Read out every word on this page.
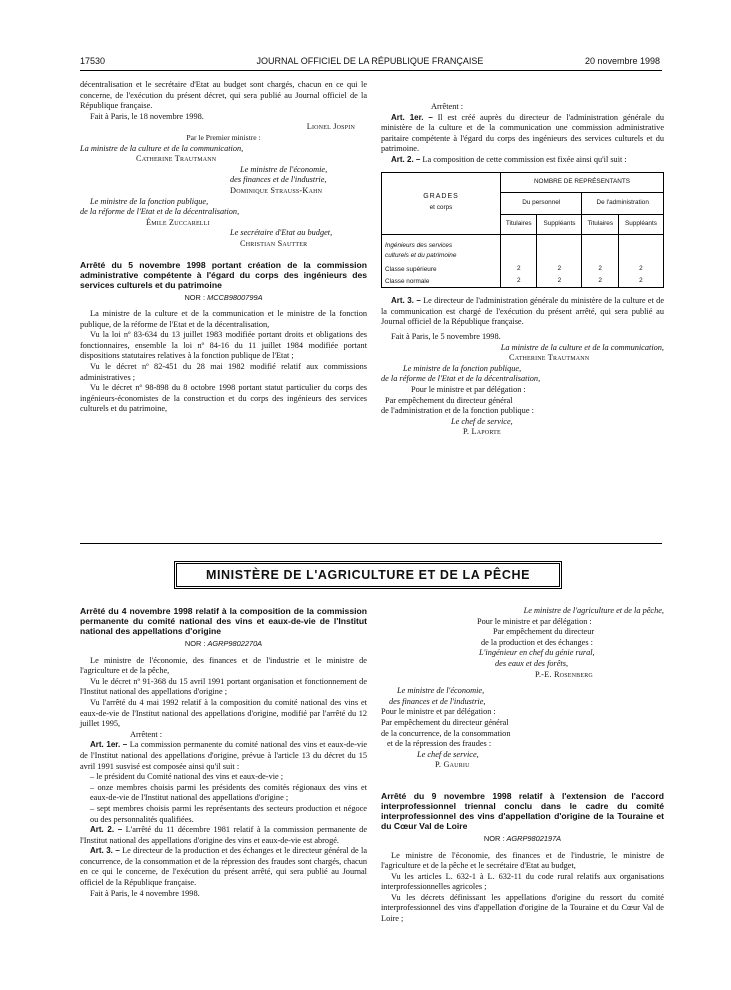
17530	JOURNAL OFFICIEL DE LA RÉPUBLIQUE FRANÇAISE	20 novembre 1998

décentralisation et le secrétaire d'Etat au budget sont chargés, chacun en ce qui le concerne, de l'exécution du présent décret, qui sera publié au Journal officiel de la République française.

Fait à Paris, le 18 novembre 1998.

Lionel Jospin

Par le Premier ministre :

La ministre de la culture et de la communication,

Catherine Trautmann

Le ministre de l'économie,

des finances et de l'industrie,

Dominique Strauss-Kahn

Le ministre de la fonction publique,

de la réforme de l'Etat et de la décentralisation,

Émile Zuccarelli

Le secrétaire d'Etat au budget,

Christian Sautter

Arrêté du 5 novembre 1998 portant création de la commission administrative compétente à l'égard du corps des ingénieurs des services culturels et du patrimoine

NOR : MCCB9800799A

La ministre de la culture et de la communication et le ministre de la fonction publique, de la réforme de l'Etat et de la décentralisation,

Vu la loi nº 83-634 du 13 juillet 1983 modifiée portant droits et obligations des fonctionnaires, ensemble la loi nº 84-16 du 11 juillet 1984 modifiée portant dispositions statutaires relatives à la fonction publique de l'Etat ;

Vu le décret nº 82-451 du 28 mai 1982 modifié relatif aux commissions administratives ;

Vu le décret nº 98-898 du 8 octobre 1998 portant statut particulier du corps des ingénieurs-économistes de la construction et du corps des ingénieurs des services culturels et du patrimoine,

Arrêtent :

Art. 1er. – Il est créé auprès du directeur de l'administration générale du ministère de la culture et de la communication une commission administrative paritaire compétente à l'égard du corps des ingénieurs des services culturels et du patrimoine.

Art. 2. – La composition de cette commission est fixée ainsi qu'il suit :

GRADES
et corps	NOMBRE DE REPRÉSENTANTS			
	Du personnel		De l'administration	
	Titulaires	Suppléants	Titulaires	Suppléants

Ingénieurs des services
culturels et du patrimoine				

Classe supérieure	2	2	2	2
Classe normale	2	2	2	2

Art. 3. – Le directeur de l'administration générale du ministère de la culture et de la communication est chargé de l'exécution du présent arrêté, qui sera publié au Journal officiel de la République française.

Fait à Paris, le 5 novembre 1998.

La ministre de la culture et de la communication,

Catherine Trautmann

Le ministre de la fonction publique,

de la réforme de l'Etat et de la décentralisation,

Pour le ministre et par délégation :

Par empêchement du directeur général

de l'administration et de la fonction publique :

Le chef de service,

P. Laporte

MINISTÈRE DE L'AGRICULTURE ET DE LA PÊCHE

Arrêté du 4 novembre 1998 relatif à la composition de la commission permanente du comité national des vins et eaux-de-vie de l'Institut national des appellations d'origine

NOR : AGRP9802270A

Le ministre de l'économie, des finances et de l'industrie et le ministre de l'agriculture et de la pêche,

Vu le décret nº 91-368 du 15 avril 1991 portant organisation et fonctionnement de l'Institut national des appellations d'origine ;

Vu l'arrêté du 4 mai 1992 relatif à la composition du comité national des vins et eaux-de-vie de l'Institut national des appellations d'origine, modifié par l'arrêté du 12 juillet 1995,

Arrêtent :

Art. 1er. – La commission permanente du comité national des vins et eaux-de-vie de l'Institut national des appellations d'origine, prévue à l'article 13 du décret du 15 avril 1991 susvisé est composée ainsi qu'il suit :

– le président du Comité national des vins et eaux-de-vie ;

– onze membres choisis parmi les présidents des comités régionaux des vins et eaux-de-vie de l'Institut national des appellations d'origine ;

– sept membres choisis parmi les représentants des secteurs production et négoce ou des personnalités qualifiées.

Art. 2. – L'arrêté du 11 décembre 1981 relatif à la commission permanente de l'Institut national des appellations d'origine des vins et eaux-de-vie est abrogé.

Art. 3. – Le directeur de la production et des échanges et le directeur général de la concurrence, de la consommation et de la répression des fraudes sont chargés, chacun en ce qui le concerne, de l'exécution du présent arrêté, qui sera publié au Journal officiel de la République française.

Fait à Paris, le 4 novembre 1998.

Le ministre de l'agriculture et de la pêche,

Pour le ministre et par délégation :

Par empêchement du directeur

de la production et des échanges :

L'ingénieur en chef du génie rural,

des eaux et des forêts,

P.-E. Rosenberg

Le ministre de l'économie,

des finances et de l'industrie,

Pour le ministre et par délégation :

Par empêchement du directeur général

de la concurrence, de la consommation

et de la répression des fraudes :

Le chef de service,

P. Gauriu

Arrêté du 9 novembre 1998 relatif à l'extension de l'accord interprofessionnel triennal conclu dans le cadre du comité interprofessionnel des vins d'appellation d'origine de la Touraine et du Cœur Val de Loire

NOR : AGRP9802197A

Le ministre de l'économie, des finances et de l'industrie, le ministre de l'agriculture et de la pêche et le secrétaire d'Etat au budget,

Vu les articles L. 632-1 à L. 632-11 du code rural relatifs aux organisations interprofessionnelles agricoles ;

Vu les décrets définissant les appellations d'origine du ressort du comité interprofessionnel des vins d'appellation d'origine de la Touraine et du Cœur Val de Loire ;
